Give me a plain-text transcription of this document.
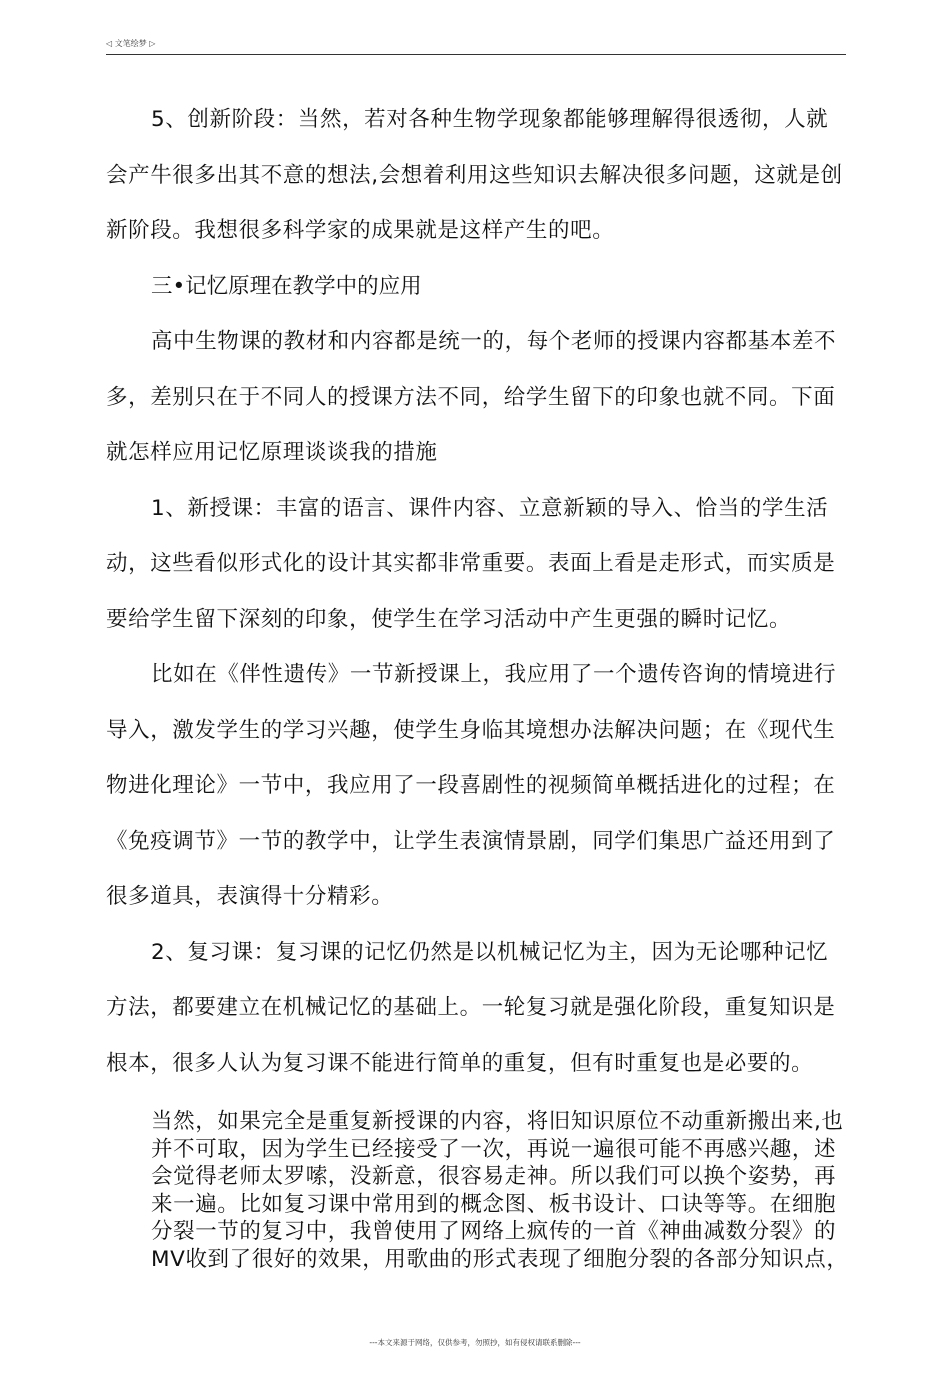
◁ 文笔绘梦 ▷

5、创新阶段：当然，若对各种生物学现象都能够理解得很透彻，人就会产牛很多出其不意的想法,会想着利用这些知识去解决很多问题，这就是创新阶段。我想很多科学家的成果就是这样产生的吧。

三•记忆原理在教学中的应用

高中生物课的教材和内容都是统一的，每个老师的授课内容都基本差不多，差别只在于不同人的授课方法不同，给学生留下的印象也就不同。下面就怎样应用记忆原理谈谈我的措施

1、新授课：丰富的语言、课件内容、立意新颖的导入、恰当的学生活动，这些看似形式化的设计其实都非常重要。表面上看是走形式，而实质是要给学生留下深刻的印象，使学生在学习活动中产生更强的瞬时记忆。

比如在《伴性遗传》一节新授课上，我应用了一个遗传咨询的情境进行导入，激发学生的学习兴趣，使学生身临其境想办法解决问题；在《现代生物进化理论》一节中，我应用了一段喜剧性的视频简单概括进化的过程；在《免疫调节》一节的教学中，让学生表演情景剧，同学们集思广益还用到了很多道具，表演得十分精彩。

2、复习课：复习课的记忆仍然是以机械记忆为主，因为无论哪种记忆方法，都要建立在机械记忆的基础上。一轮复习就是强化阶段，重复知识是根本，很多人认为复习课不能进行简单的重复，但有时重复也是必要的。

当然，如果完全是重复新授课的内容，将旧知识原位不动重新搬出来,也并不可取，因为学生已经接受了一次，再说一遍很可能不再感兴趣，述会觉得老师太罗嗦，没新意，很容易走神。所以我们可以换个姿势，再来一遍。比如复习课中常用到的概念图、板书设计、口诀等等。在细胞分裂一节的复习中，我曾使用了网络上疯传的一首《神曲减数分裂》的MV收到了很好的效果，用歌曲的形式表现了细胞分裂的各部分知识点，

---本文来源于网络，仅供参考，勿照抄，如有侵权请联系删除---
